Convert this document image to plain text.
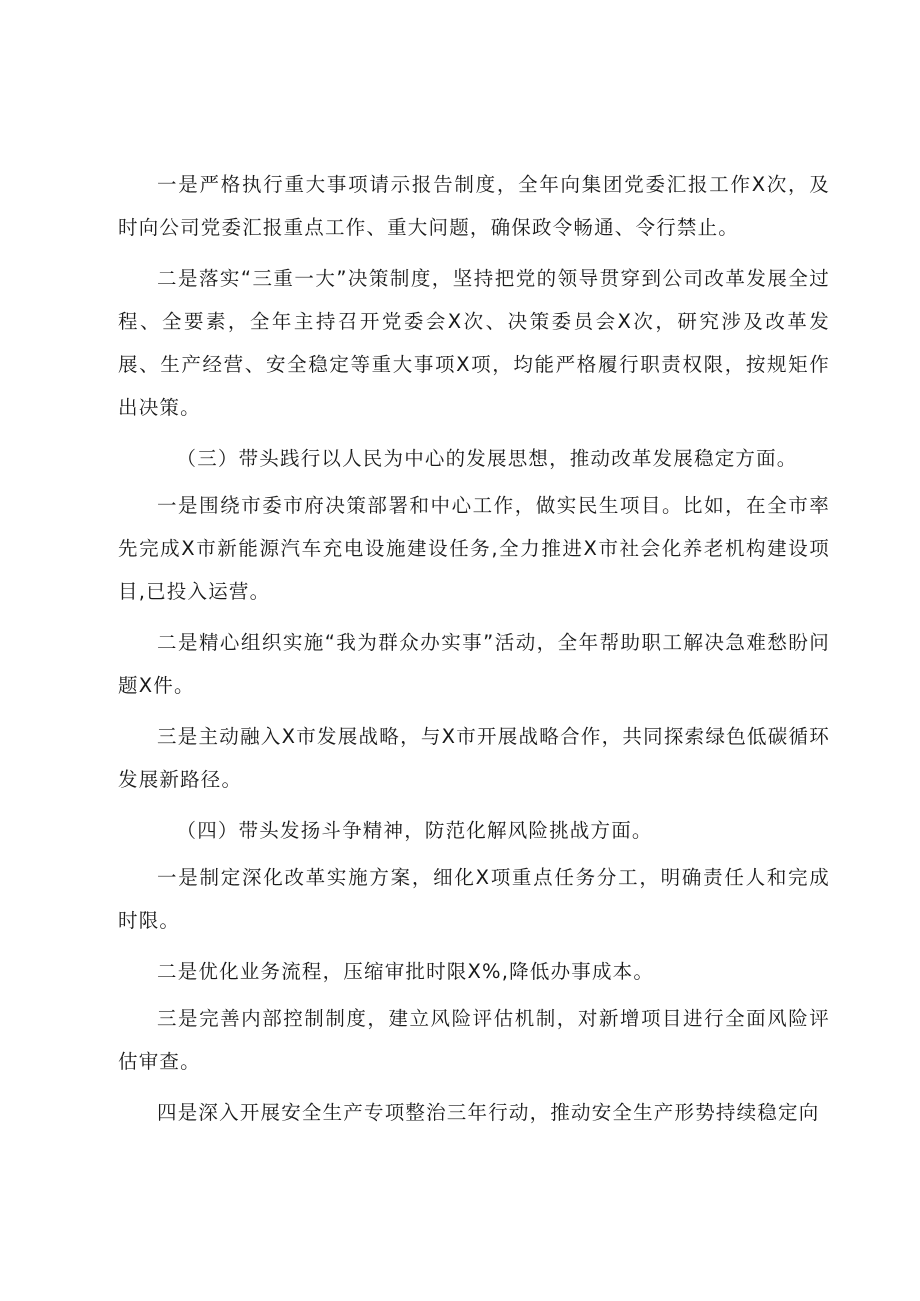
一是严格执行重大事项请示报告制度，全年向集团党委汇报工作X次，及时向公司党委汇报重点工作、重大问题，确保政令畅通、令行禁止。

二是落实“三重一大”决策制度，坚持把党的领导贯穿到公司改革发展全过程、全要素，全年主持召开党委会X次、决策委员会X次，研究涉及改革发展、生产经营、安全稳定等重大事项X项，均能严格履行职责权限，按规矩作出决策。

（三）带头践行以人民为中心的发展思想，推动改革发展稳定方面。

一是围绕市委市府决策部署和中心工作，做实民生项目。比如，在全市率先完成X市新能源汽车充电设施建设任务,全力推进X市社会化养老机构建设项目,已投入运营。

二是精心组织实施“我为群众办实事”活动，全年帮助职工解决急难愁盼问题X件。

三是主动融入X市发展战略，与X市开展战略合作，共同探索绿色低碳循环发展新路径。

（四）带头发扬斗争精神，防范化解风险挑战方面。

一是制定深化改革实施方案，细化X项重点任务分工，明确责任人和完成时限。

二是优化业务流程，压缩审批时限X%,降低办事成本。

三是完善内部控制制度，建立风险评估机制，对新增项目进行全面风险评估审查。

四是深入开展安全生产专项整治三年行动，推动安全生产形势持续稳定向
